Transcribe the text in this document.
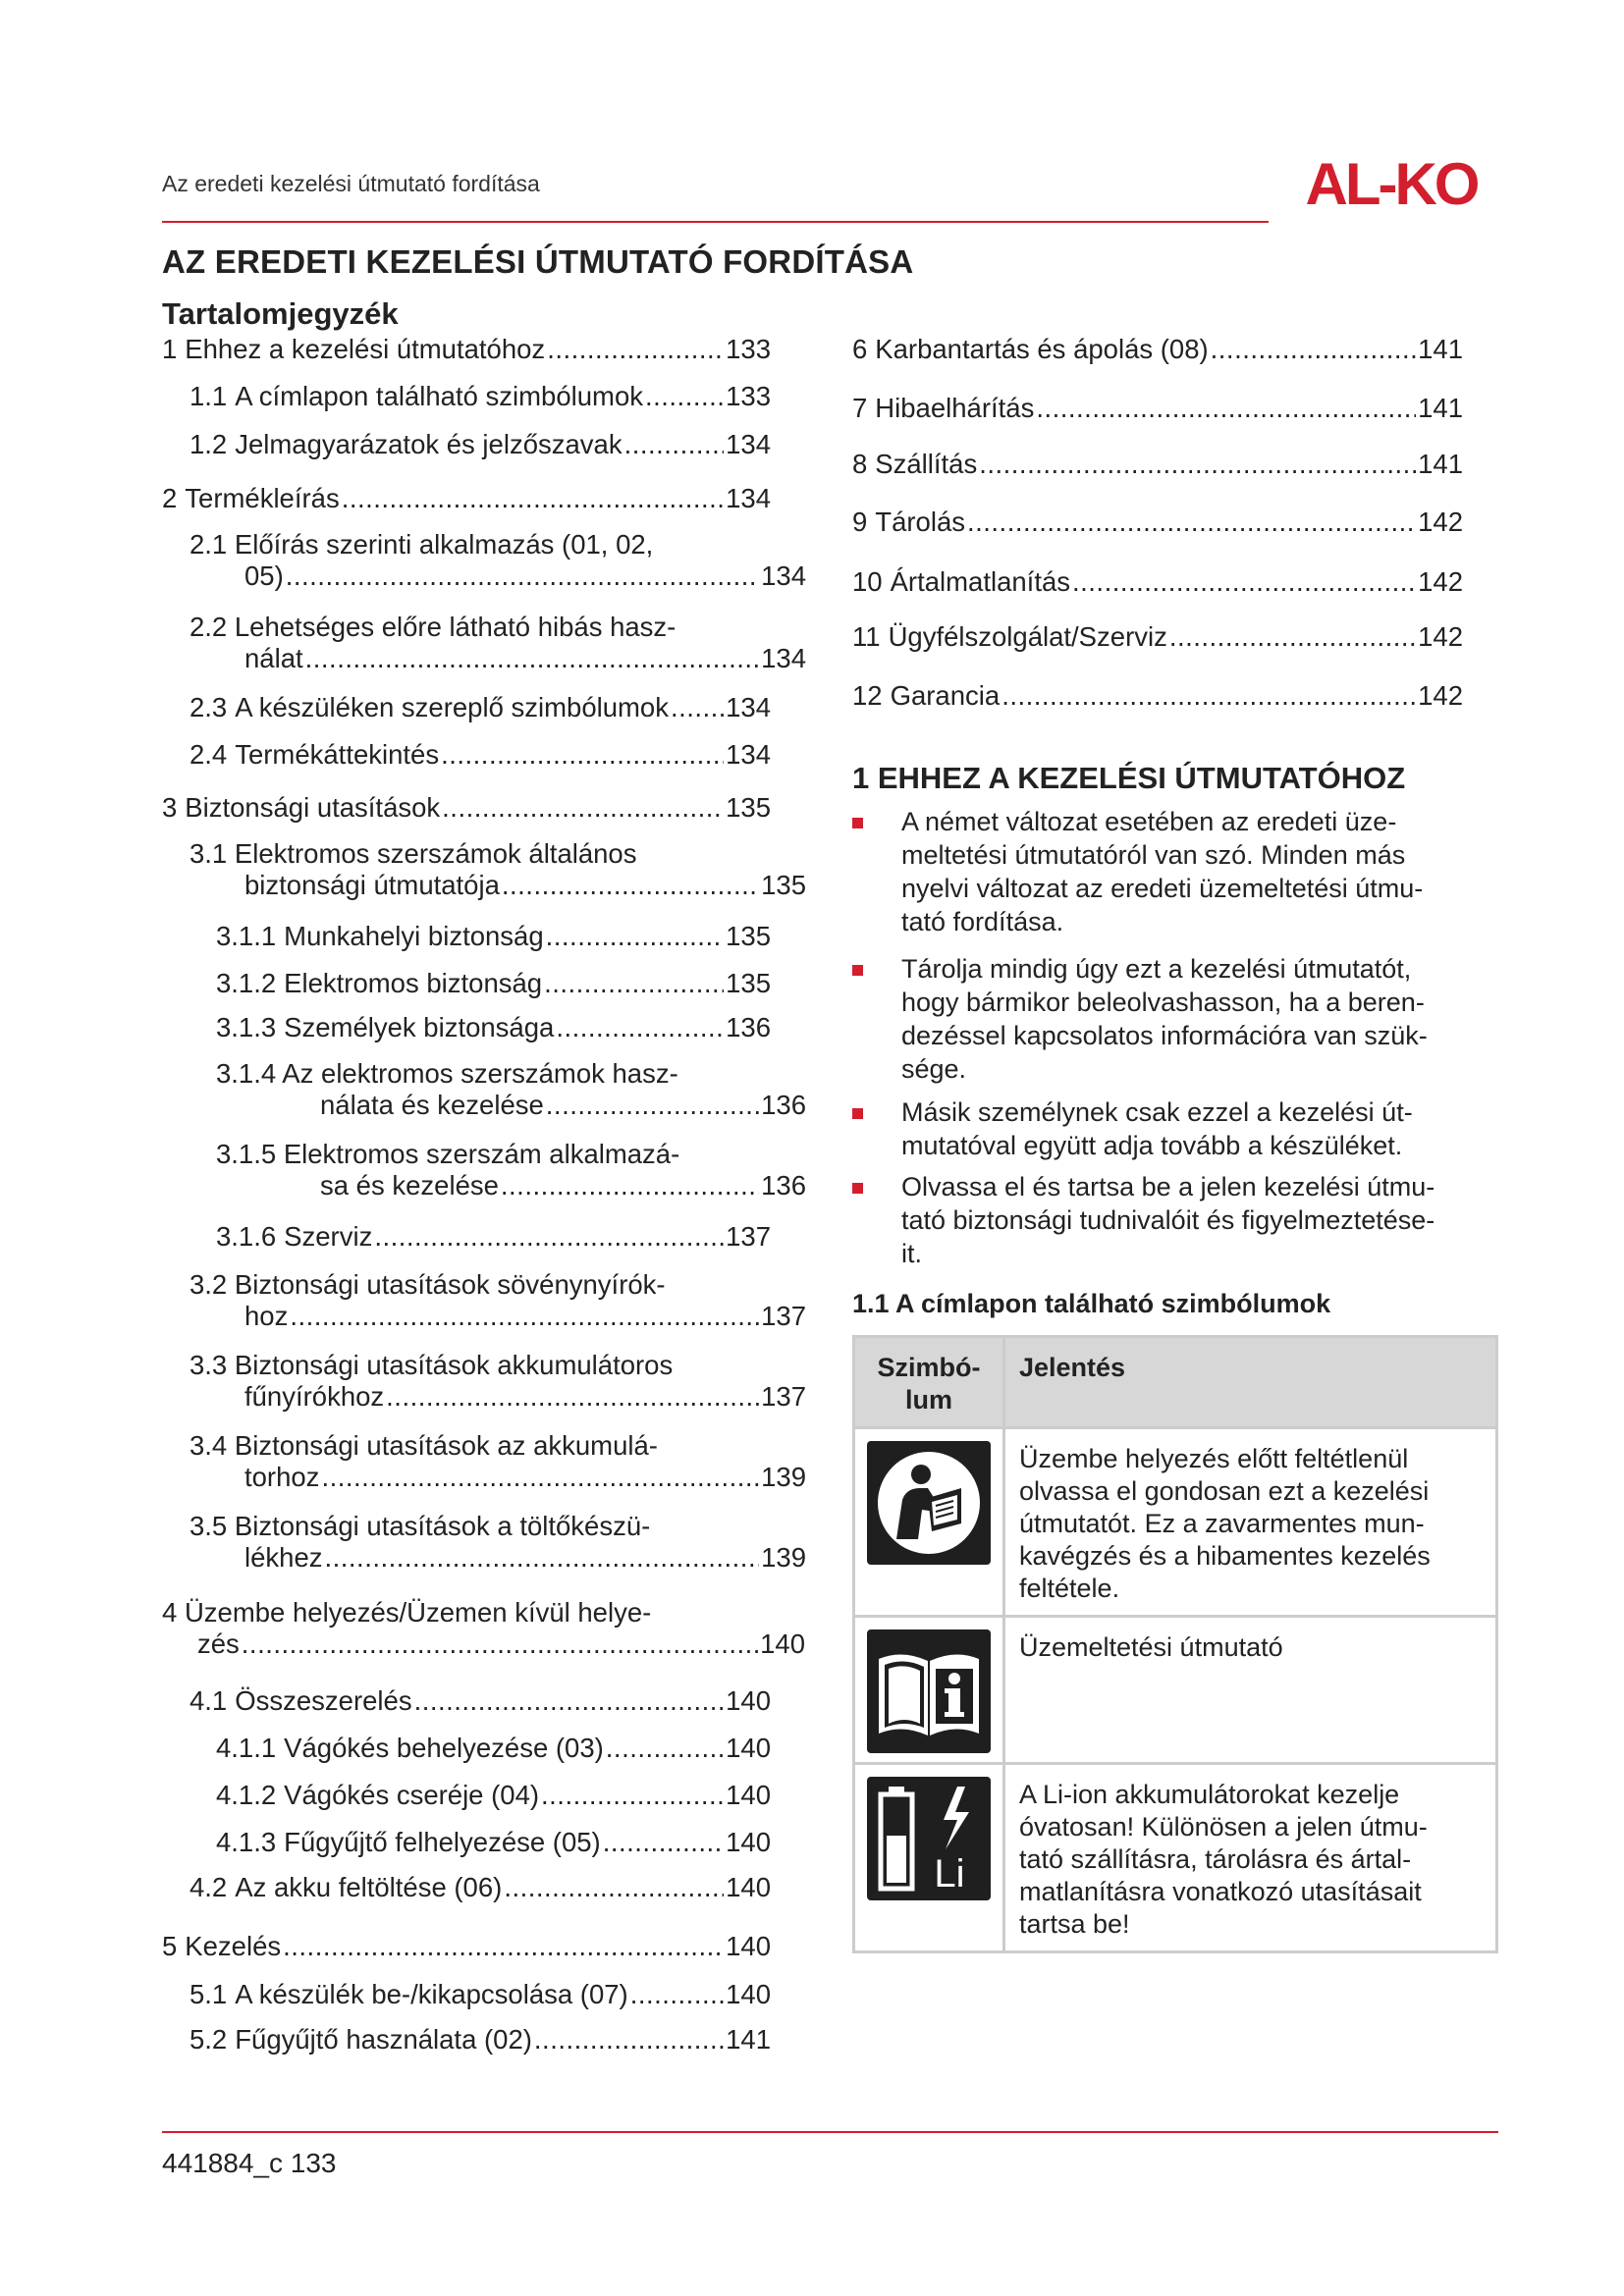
Az eredeti kezelési útmutató fordítása	AL-KO
AZ EREDETI KEZELÉSI ÚTMUTATÓ FORDÍTÁSA
Tartalomjegyzék
1 Ehhez a kezelési útmutatóhoz .....	133
1.1 A címlapon található szimbólumok .....	133
1.2 Jelmagyarázatok és jelzőszavak .....	134
2 Termékleírás .....	134
2.1 Előírás szerinti alkalmazás (01, 02,
05) .....	134
2.2 Lehetséges előre látható hibás hasz-
nálat .....	134
2.3 A készüléken szereplő szimbólumok ..... 134
2.4 Termékáttekintés .....	134
3 Biztonsági utasítások .....	135
3.1 Elektromos szerszámok általános
biztonsági útmutatója .....	135
3.1.1 Munkahelyi biztonság .....	135
3.1.2 Elektromos biztonság .....	135
3.1.3 Személyek biztonsága .....	136
3.1.4 Az elektromos szerszámok hasz-
nálata és kezelése .....	136
3.1.5 Elektromos szerszám alkalmazá-
sa és kezelése .....	136
3.1.6 Szerviz .....	137
3.2 Biztonsági utasítások sövénynyírók-
hoz .....	137
3.3 Biztonsági utasítások akkumulátoros
fűnyírókhoz .....	137
3.4 Biztonsági utasítások az akkumulá-
torhoz .....	139
3.5 Biztonsági utasítások a töltőkészü-
lékhez .....	139
4 Üzembe helyezés/Üzemen kívül helye-
zés .....	140
4.1 Összeszerelés .....	140
4.1.1 Vágókés behelyezése (03) .....	140
4.1.2 Vágókés cseréje (04) .....	140
4.1.3 Fűgyűjtő felhelyezése (05) .....	140
4.2 Az akku feltöltése (06) .....	140
5 Kezelés .....	140
5.1 A készülék be-/kikapcsolása (07) .....	140
5.2 Fűgyűjtő használata (02) .....	141
6 Karbantartás és ápolás (08) .....	141
7 Hibaelhárítás .....	141
8 Szállítás .....	141
9 Tárolás .....	142
10 Ártalmatlanítás .....	142
11 Ügyfélszolgálat/Szerviz .....	142
12 Garancia .....	142
1 EHHEZ A KEZELÉSI ÚTMUTATÓHOZ
A német változat esetében az eredeti üze-
meltetési útmutatóról van szó. Minden más
nyelvi változat az eredeti üzemeltetési útmu-
tató fordítása.
Tárolja mindig úgy ezt a kezelési útmutatót,
hogy bármikor beleolvashasson, ha a beren-
dezéssel kapcsolatos információra van szük-
sége.
Másik személynek csak ezzel a kezelési út-
mutatóval együtt adja tovább a készüléket.
Olvassa el és tartsa be a jelen kezelési útmu-
tató biztonsági tudnivalóit és figyelmeztetése-
it.
1.1 A címlapon található szimbólumok
Szimbó-
lum	Jelentés

Üzembe helyezés előtt feltétlenül
olvassa el gondosan ezt a kezelési
útmutatót. Ez a zavarmentes mun-
kavégzés és a hibamentes kezelés
feltétele.

Üzemeltetési útmutató

Li	A Li-ion akkumulátorokat kezelje
óvatosan! Különösen a jelen útmu-
tató szállításra, tárolásra és ártal-
matlanításra vonatkozó utasításait
tartsa be!
441884_c 133
